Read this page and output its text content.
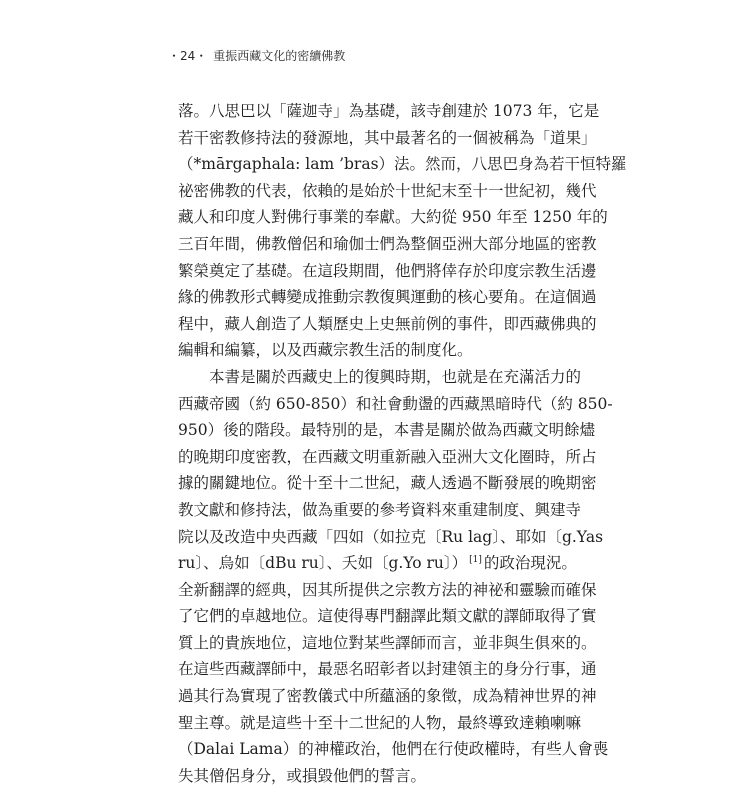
・24・ 重振西藏文化的密續佛教
落。八思巴以「薩迦寺」為基礎，該寺創建於 1073 年，它是
若干密教修持法的發源地，其中最著名的一個被稱為「道果」
（*mārgaphala: lam ’bras）法。然而，八思巴身為若干恒特羅
祕密佛教的代表，依賴的是始於十世紀末至十一世紀初，幾代
藏人和印度人對佛行事業的奉獻。大約從 950 年至 1250 年的
三百年間，佛教僧侶和瑜伽士們為整個亞洲大部分地區的密教
繁榮奠定了基礎。在這段期間，他們將倖存於印度宗教生活邊
緣的佛教形式轉變成推動宗教復興運動的核心要角。在這個過
程中，藏人創造了人類歷史上史無前例的事件，即西藏佛典的
編輯和編纂，以及西藏宗教生活的制度化。
本書是關於西藏史上的復興時期，也就是在充滿活力的
西藏帝國（約 650-850）和社會動盪的西藏黑暗時代（約 850-
950）後的階段。最特別的是，本書是關於做為西藏文明餘燼
的晚期印度密教，在西藏文明重新融入亞洲大文化圈時，所占
據的關鍵地位。從十至十二世紀，藏人透過不斷發展的晚期密
教文獻和修持法，做為重要的參考資料來重建制度、興建寺
院以及改造中央西藏「四如（如拉克〔Ru lag〕、耶如〔g.Yas
ru〕、烏如〔dBu ru〕、夭如〔g.Yo ru〕） [1] 的政治現況。
全新翻譯的經典，因其所提供之宗教方法的神祕和靈驗而確保
了它們的卓越地位。這使得專門翻譯此類文獻的譯師取得了實
質上的貴族地位，這地位對某些譯師而言，並非與生俱來的。
在這些西藏譯師中，最惡名昭彰者以封建領主的身分行事，通
過其行為實現了密教儀式中所蘊涵的象徵，成為精神世界的神
聖主尊。就是這些十至十二世紀的人物，最終導致達賴喇嘛
（Dalai Lama）的神權政治，他們在行使政權時，有些人會喪
失其僧侶身分，或損毀他們的誓言。
